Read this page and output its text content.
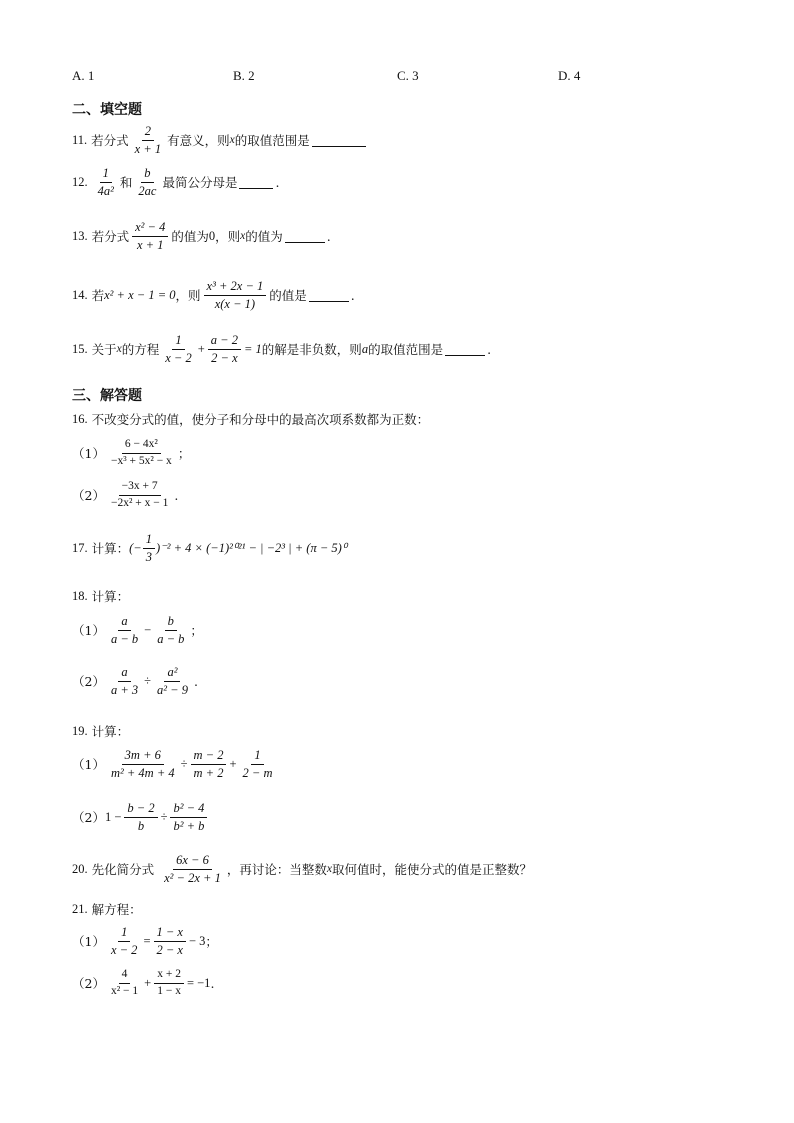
A. 1	B. 2	C. 3	D. 4
二、填空题
11.
若分式 $\frac{2}{x + 1}$ 有意义，则 x 的取值范围是
12.
$\frac{1}{\text{4a²}}$ 和 $\frac{b}{2ac}$ 最简公分母是	.
13.
若分式 $\frac{\text{x² − 4}}{x + 1}$ 的值为 0 ，则 x 的值为	.
14.
若 x² + x − 1 = 0 ，则 $\frac{\text{x³ + 2x − 1}}{x(x - 1)}$ 的值是	.
15.
关于 x 的方程 $\frac{1}{x - 2} + \frac{a - 2}{2 - x} = 1$ 的解是非负数，则 a 的取值范围是	.
三、解答题
16.
不改变分式的值，使分子和分母中的最高次项系数都为正数：
$(1) \frac{\text{6 − 4x²}}{\text{−x³ + 5x² − x}}$ ；
$(2) \frac{-3x + 7}{\text{−2x² + x − 1}}$ .
17.
计算： (− $\frac{1}{3} )^{-2} + 4 \times (-1)^{2021}$ − | −2³ | + (π − 5)⁰
18.
计算：
$(1) \frac{a}{a - b} - \frac{b}{a - b}$ ；
$(2) \frac{a}{a + 3} \div \frac{\text{a²}}{\text{a² − 9}}$ .
19.
计算：
$(1) \frac{3m + 6}{\text{m² + 4m + 4}} \div \frac{m - 2}{m + 2} + \frac{1}{2 - m}$
（2） $1 - \frac{b - 2}{b} \div \frac{\text{b² − 4}}{\text{b² + b}}$
20.
先化简分式
$\frac{6x - 6}{\text{x² − 2x + 1}}$ ，再讨论：当整数 x 取何值时，能使分式的值是正整数？
21.
解方程：
$(1) \frac{1}{x - 2} = \frac{1 - x}{2 - x} - 3$ ；
$(2) \frac{4}{\text{x² − 1}} + \frac{x + 2}{1 - x} = -1$ .
